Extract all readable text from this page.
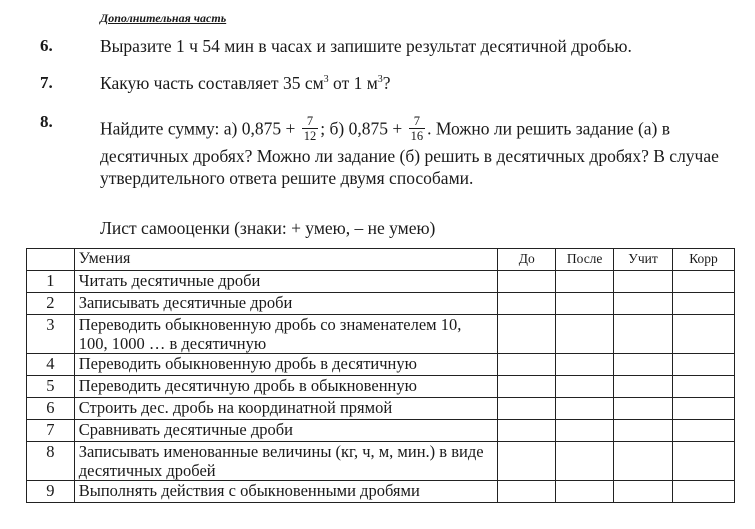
Дополнительная часть
6.	Выразите 1 ч 54 мин в часах и запишите результат десятичной дробью.
7.	Какую часть составляет 35 $см^3$ от 1 $м^3$?
8.	Найдите сумму: а) $0,875 + \frac{7}{12}$ ; б) $0,875 + \frac{7}{16}$ . Можно ли решить задание (а) в десятичных дробях? Можно ли задание (б) решить в десятичных дробях? В случае утвердительного ответа решите двумя способами.
Лист самооценки (знаки: + умею, – не умею)
	Умения	До	После	Учит	Корр
1	Читать десятичные дроби				
2	Записывать десятичные дроби				
3	Переводить обыкновенную дробь со знаменателем 10, 100, 1000 … в десятичную				
4	Переводить обыкновенную дробь в десятичную				
5	Переводить десятичную дробь в обыкновенную				
6	Строить дес. дробь на координатной прямой				
7	Сравнивать десятичные дроби				
8	Записывать именованные величины (кг, ч, м, мин.) в виде десятичных дробей				
9	Выполнять действия с обыкновенными дробями				
